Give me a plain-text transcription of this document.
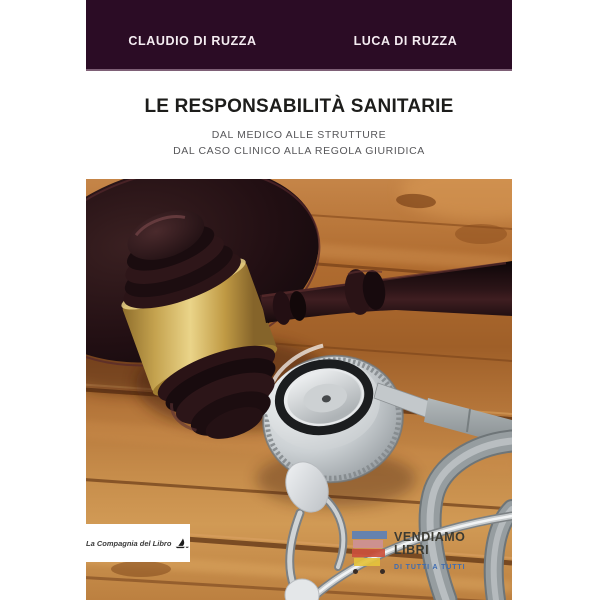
CLAUDIO DI RUZZA	LUCA DI RUZZA
LE RESPONSABILITÀ SANITARIE
DAL MEDICO ALLE STRUTTURE
DAL CASO CLINICO ALLA REGOLA GIURIDICA
La Compagnia del Libro	VENDIAMO
LIBRI
DI TUTTI A TUTTI
